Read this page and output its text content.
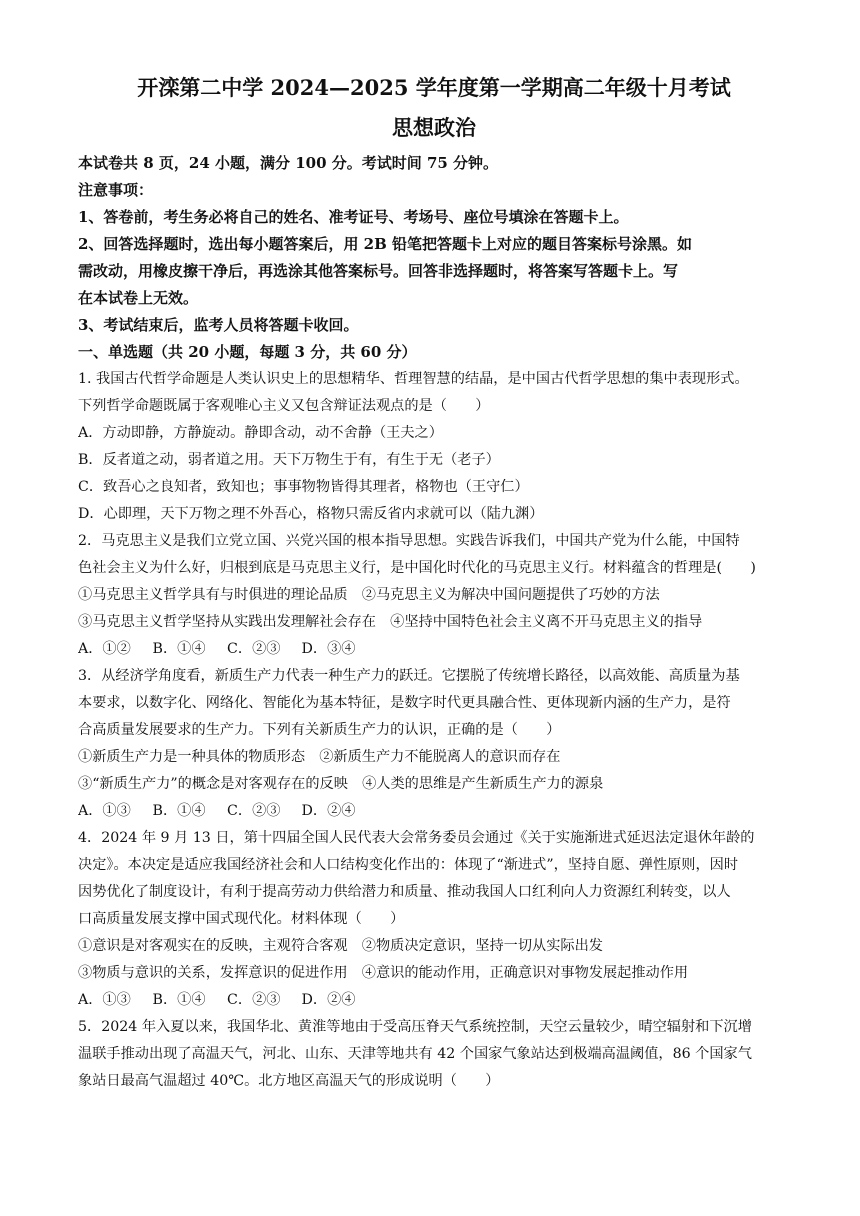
开滦第二中学 2024—2025 学年度第一学期高二年级十月考试
思想政治
本试卷共 8 页，24 小题，满分 100 分。考试时间 75 分钟。
注意事项：
1、答卷前，考生务必将自己的姓名、准考证号、考场号、座位号填涂在答题卡上。
2、回答选择题时，选出每小题答案后，用 2B 铅笔把答题卡上对应的题目答案标号涂黑。如
需改动，用橡皮擦干净后，再选涂其他答案标号。回答非选择题时，将答案写答题卡上。写
在本试卷上无效。
3、考试结束后，监考人员将答题卡收回。
一、单选题（共 20 小题，每题 3 分，共 60 分）
1. 我国古代哲学命题是人类认识史上的思想精华、哲理智慧的结晶，是中国古代哲学思想的集中表现形式。
下列哲学命题既属于客观唯心主义又包含辩证法观点的是（　　）
A．方动即静，方静旋动。静即含动，动不舍静（王夫之）
B．反者道之动，弱者道之用。天下万物生于有，有生于无（老子）
C．致吾心之良知者，致知也；事事物物皆得其理者，格物也（王守仁）
D．心即理，天下万物之理不外吾心，格物只需反省内求就可以（陆九渊）
2．马克思主义是我们立党立国、兴党兴国的根本指导思想。实践告诉我们，中国共产党为什么能，中国特
色社会主义为什么好，归根到底是马克思主义行，是中国化时代化的马克思主义行。材料蕴含的哲理是(　　)
①马克思主义哲学具有与时俱进的理论品质　②马克思主义为解决中国问题提供了巧妙的方法
③马克思主义哲学坚持从实践出发理解社会存在　④坚持中国特色社会主义离不开马克思主义的指导
A．①② B．①④ C．②③ D．③④
3．从经济学角度看，新质生产力代表一种生产力的跃迁。它摆脱了传统增长路径，以高效能、高质量为基
本要求，以数字化、网络化、智能化为基本特征，是数字时代更具融合性、更体现新内涵的生产力，是符
合高质量发展要求的生产力。下列有关新质生产力的认识，正确的是（　　）
①新质生产力是一种具体的物质形态　②新质生产力不能脱离人的意识而存在
③“新质生产力”的概念是对客观存在的反映　④人类的思维是产生新质生产力的源泉
A．①③ B．①④ C．②③ D．②④
4．2024 年 9 月 13 日，第十四届全国人民代表大会常务委员会通过《关于实施渐进式延迟法定退休年龄的
决定》。本决定是适应我国经济社会和人口结构变化作出的：体现了“渐进式”，坚持自愿、弹性原则，因时
因势优化了制度设计，有利于提高劳动力供给潜力和质量、推动我国人口红利向人力资源红利转变，以人
口高质量发展支撑中国式现代化。材料体现（　　）
①意识是对客观实在的反映，主观符合客观　②物质决定意识，坚持一切从实际出发
③物质与意识的关系，发挥意识的促进作用　④意识的能动作用，正确意识对事物发展起推动作用
A．①③ B．①④ C．②③ D．②④
5．2024 年入夏以来，我国华北、黄淮等地由于受高压脊天气系统控制，天空云量较少，晴空辐射和下沉增
温联手推动出现了高温天气，河北、山东、天津等地共有 42 个国家气象站达到极端高温阈值，86 个国家气
象站日最高气温超过 40℃。北方地区高温天气的形成说明（　　）
